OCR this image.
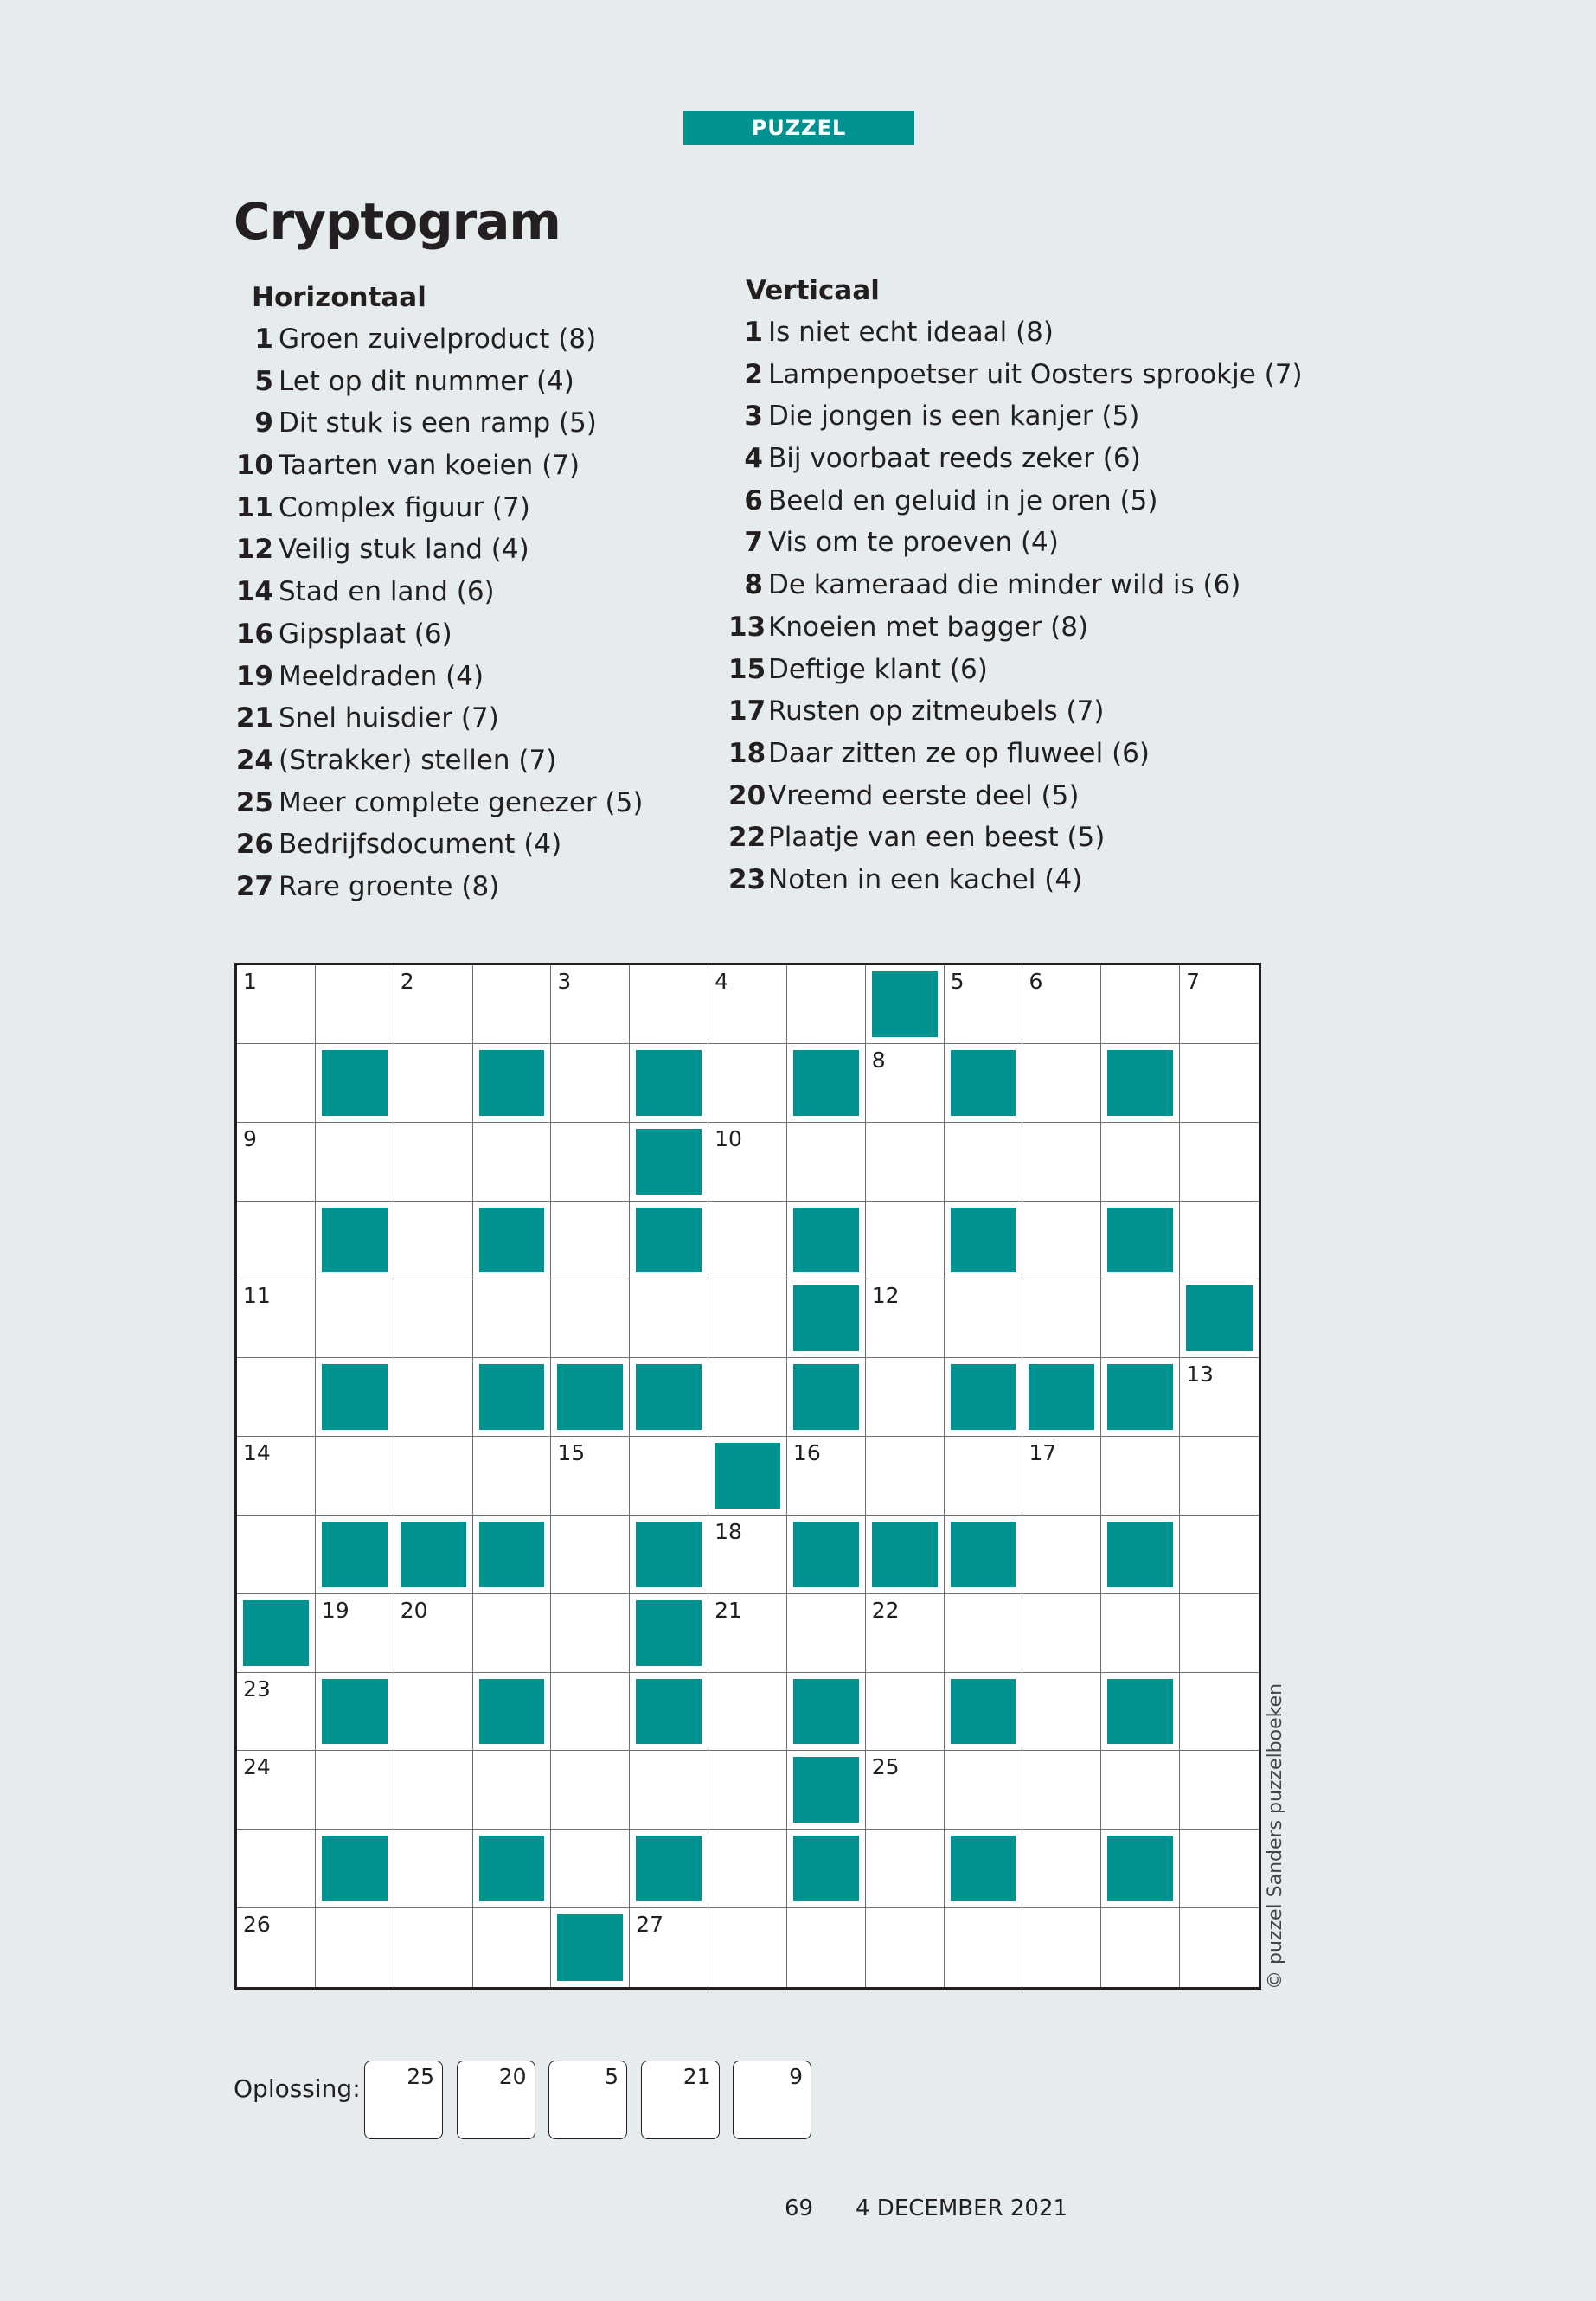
PUZZEL
Cryptogram
Horizontaal
1 Groen zuivelproduct (8)
5 Let op dit nummer (4)
9 Dit stuk is een ramp (5)
10 Taarten van koeien (7)
11 Complex figuur (7)
12 Veilig stuk land (4)
14 Stad en land (6)
16 Gipsplaat (6)
19 Meeldraden (4)
21 Snel huisdier (7)
24 (Strakker) stellen (7)
25 Meer complete genezer (5)
26 Bedrijfsdocument (4)
27 Rare groente (8)
Verticaal
1 Is niet echt ideaal (8)
2 Lampenpoetser uit Oosters sprookje (7)
3 Die jongen is een kanjer (5)
4 Bij voorbaat reeds zeker (6)
6 Beeld en geluid in je oren (5)
7 Vis om te proeven (4)
8 De kameraad die minder wild is (6)
13 Knoeien met bagger (8)
15 Deftige klant (6)
17 Rusten op zitmeubels (7)
18 Daar zitten ze op fluweel (6)
20 Vreemd eerste deel (5)
22 Plaatje van een beest (5)
23 Noten in een kachel (4)
1	2	3	4	5	6	7
8
9	10
11	12
13
14	15	16	17
18
19 20	21	22
23
24	25
26	27	© puzzel Sanders puzzelboeken
Oplossing: 25	20	5	21	9
69 4 DECEMBER 2021
